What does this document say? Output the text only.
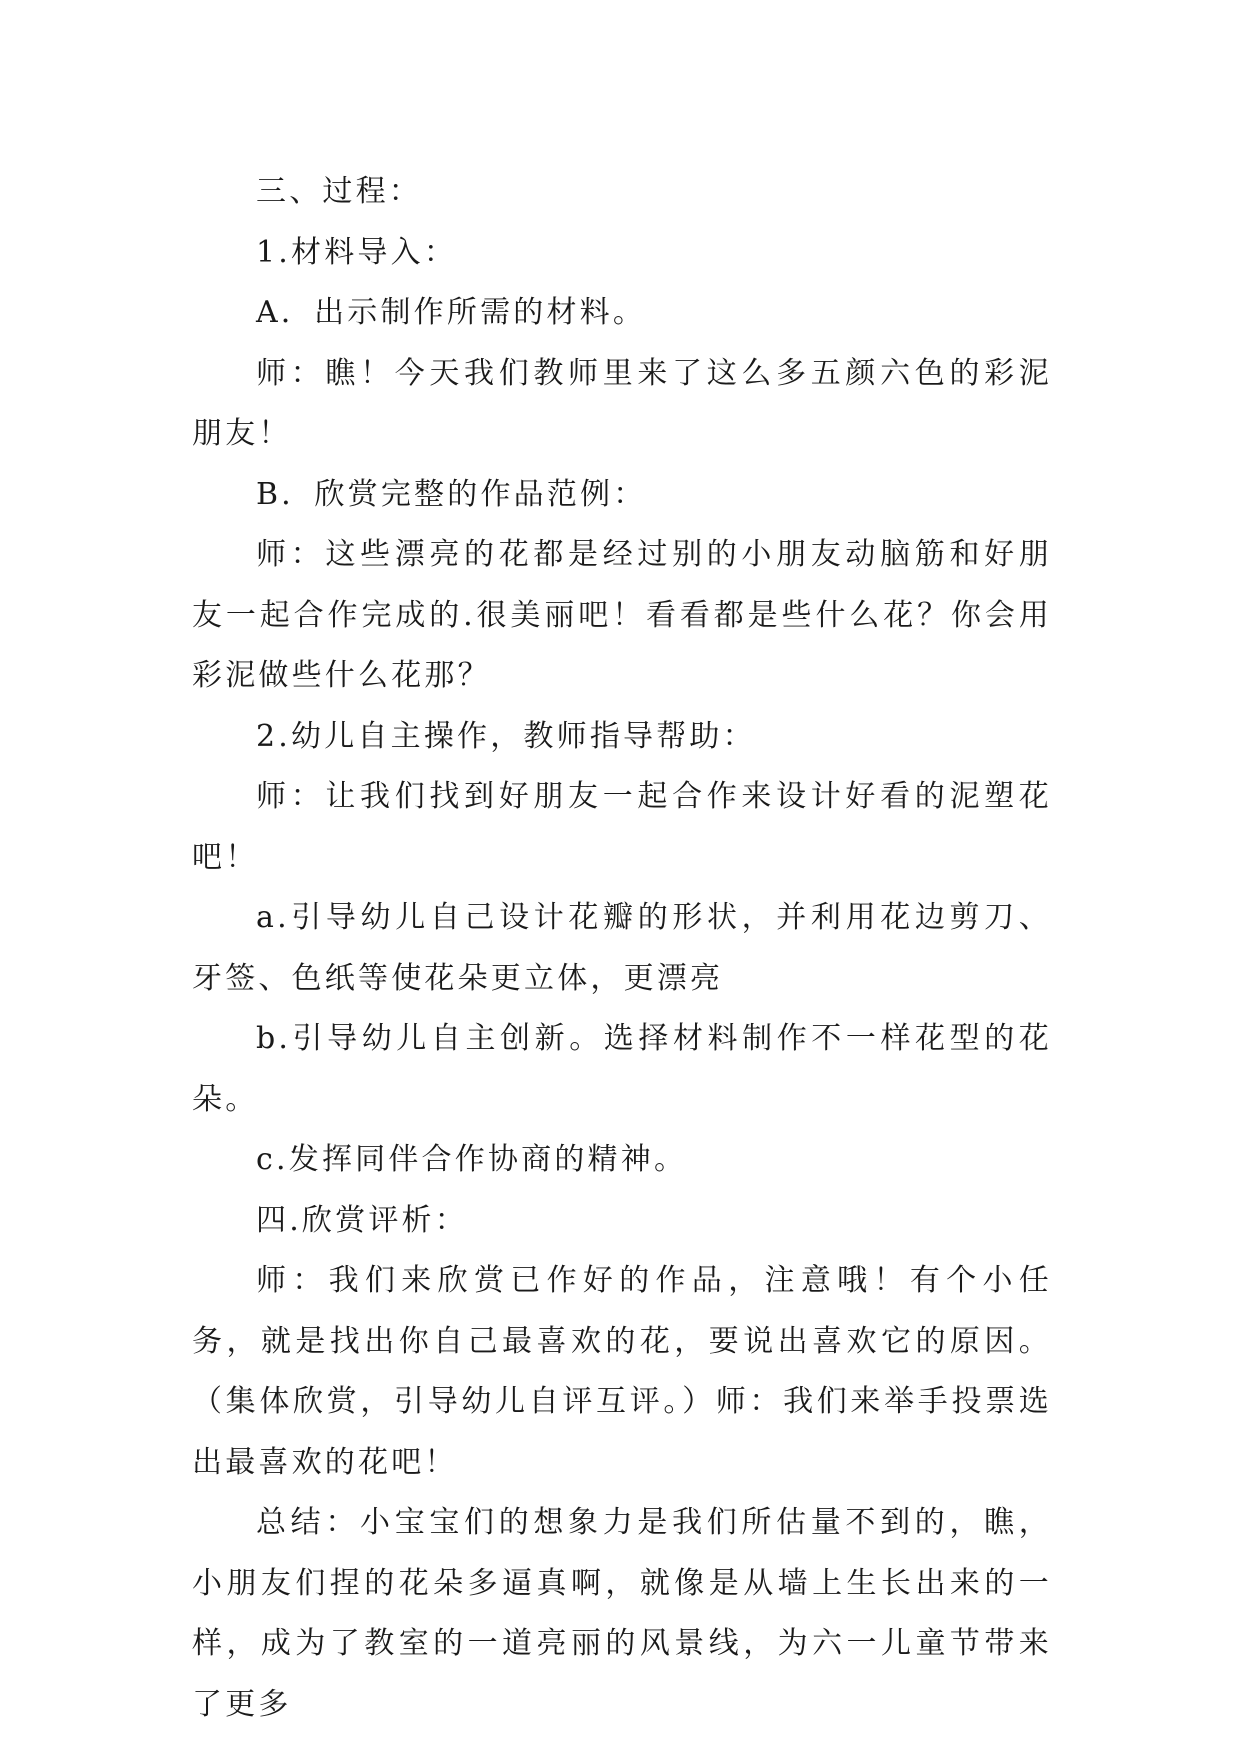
三、过程：

1.材料导入：

A．出示制作所需的材料。

师：瞧！今天我们教师里来了这么多五颜六色的彩泥朋友！

B．欣赏完整的作品范例：

师：这些漂亮的花都是经过别的小朋友动脑筋和好朋友一起合作完成的.很美丽吧！看看都是些什么花？你会用彩泥做些什么花那？

2.幼儿自主操作，教师指导帮助：

师：让我们找到好朋友一起合作来设计好看的泥塑花吧！

a.引导幼儿自己设计花瓣的形状，并利用花边剪刀、牙签、色纸等使花朵更立体，更漂亮

b.引导幼儿自主创新。选择材料制作不一样花型的花朵。

c.发挥同伴合作协商的精神。

四.欣赏评析：

师：我们来欣赏已作好的作品，注意哦！有个小任务，就是找出你自己最喜欢的花，要说出喜欢它的原因。（集体欣赏，引导幼儿自评互评。）师：我们来举手投票选出最喜欢的花吧！

总结：小宝宝们的想象力是我们所估量不到的，瞧，小朋友们捏的花朵多逼真啊，就像是从墙上生长出来的一样，成为了教室的一道亮丽的风景线，为六一儿童节带来了更多
